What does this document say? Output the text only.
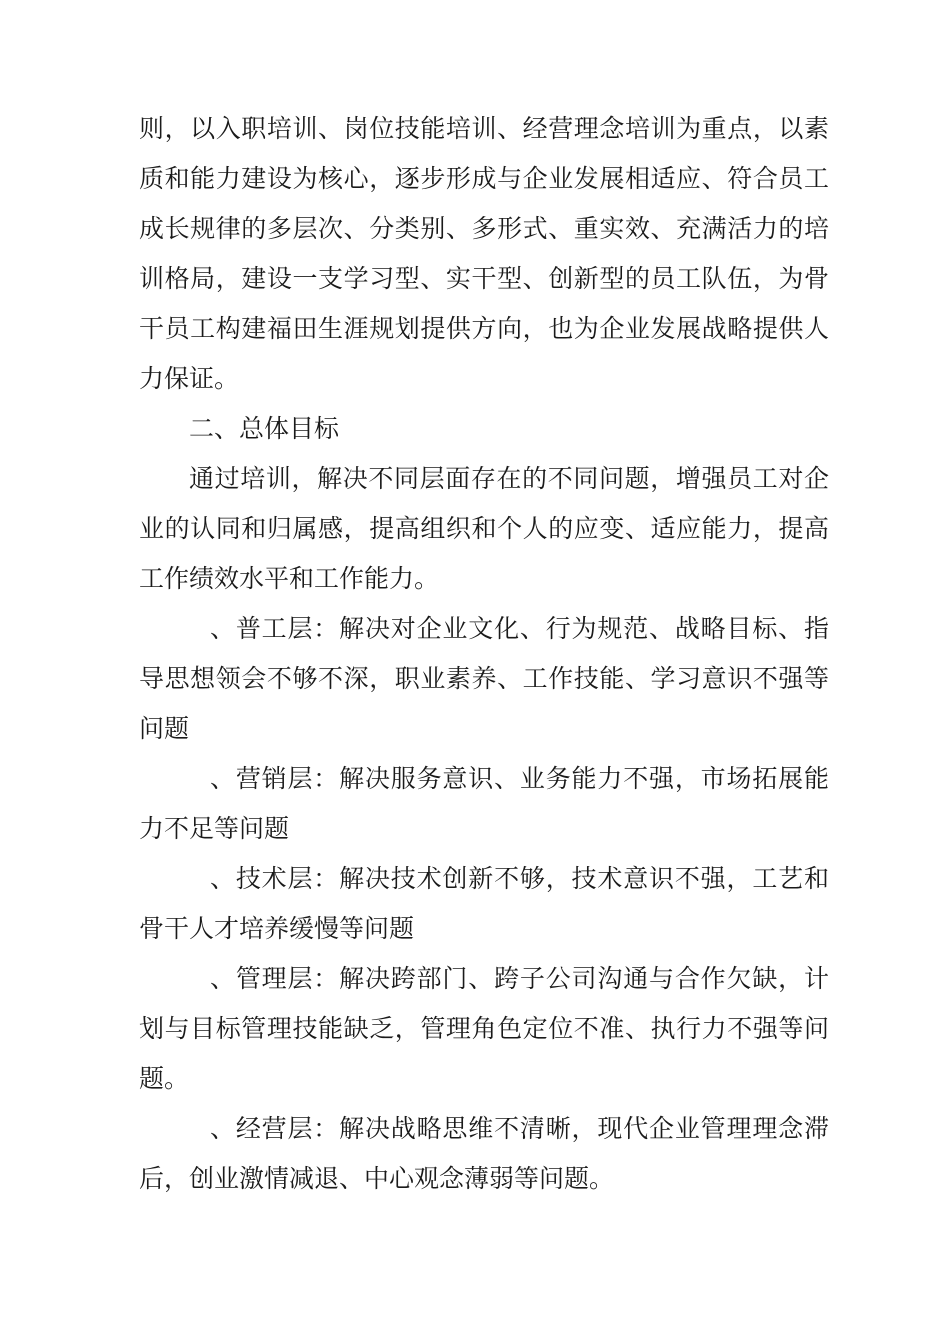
则，以入职培训、岗位技能培训、经营理念培训为重点，以素质和能力建设为核心，逐步形成与企业发展相适应、符合员工成长规律的多层次、分类别、多形式、重实效、充满活力的培训格局，建设一支学习型、实干型、创新型的员工队伍，为骨干员工构建福田生涯规划提供方向，也为企业发展战略提供人力保证。

二、总体目标

通过培训，解决不同层面存在的不同问题，增强员工对企业的认同和归属感，提高组织和个人的应变、适应能力，提高工作绩效水平和工作能力。

、普工层：解决对企业文化、行为规范、战略目标、指导思想领会不够不深，职业素养、工作技能、学习意识不强等问题

、营销层：解决服务意识、业务能力不强，市场拓展能力不足等问题

、技术层：解决技术创新不够，技术意识不强，工艺和骨干人才培养缓慢等问题

、管理层：解决跨部门、跨子公司沟通与合作欠缺，计划与目标管理技能缺乏，管理角色定位不准、执行力不强等问题。

、经营层：解决战略思维不清晰，现代企业管理理念滞后，创业激情减退、中心观念薄弱等问题。
